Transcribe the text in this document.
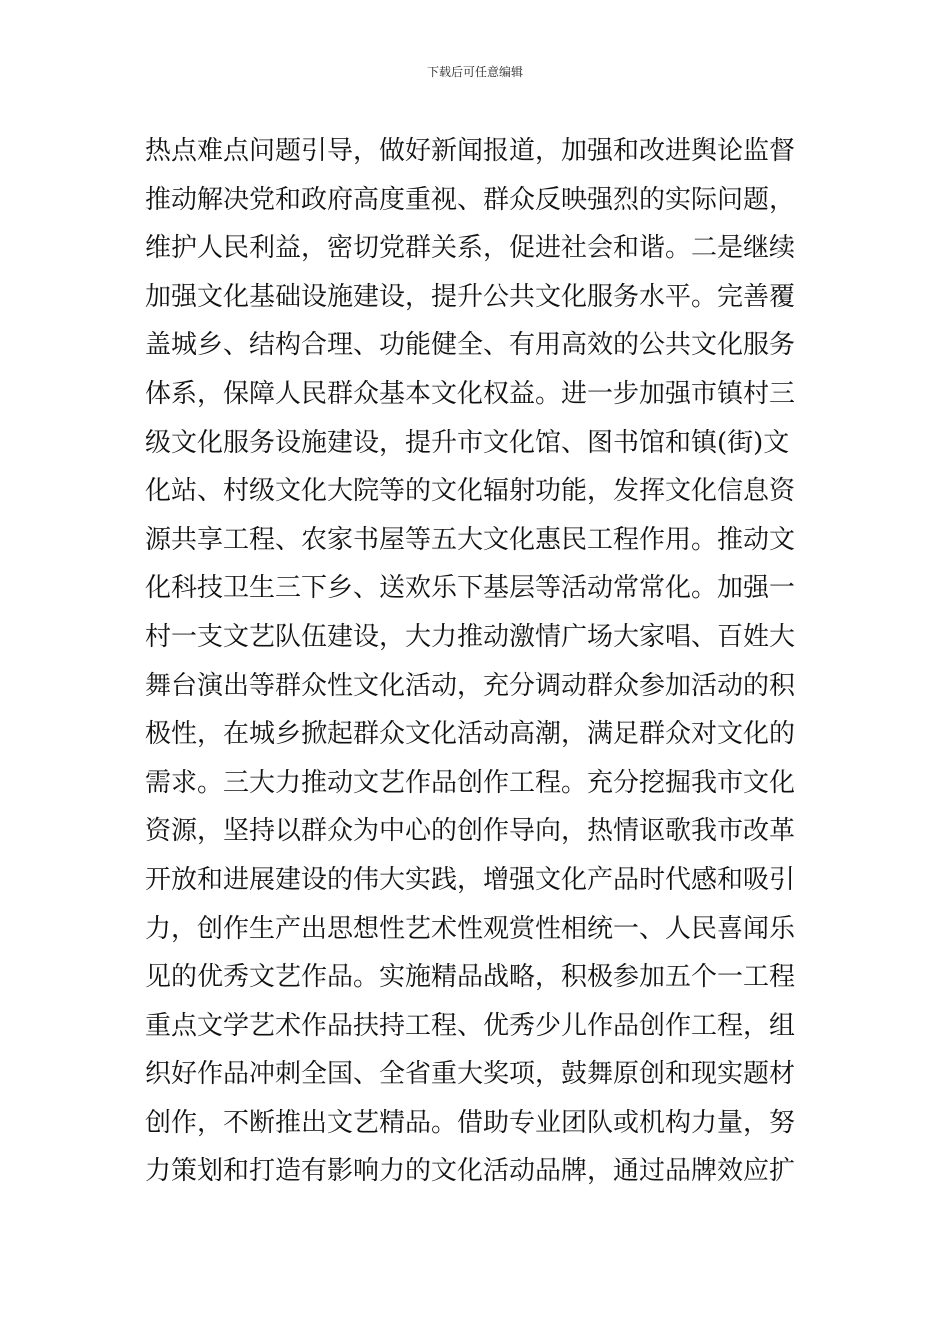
下载后可任意编辑
热点难点问题引导，做好新闻报道，加强和改进舆论监督
推动解决党和政府高度重视、群众反映强烈的实际问题，
维护人民利益，密切党群关系，促进社会和谐。二是继续
加强文化基础设施建设，提升公共文化服务水平。完善覆
盖城乡、结构合理、功能健全、有用高效的公共文化服务
体系，保障人民群众基本文化权益。进一步加强市镇村三
级文化服务设施建设，提升市文化馆、图书馆和镇(街)文
化站、村级文化大院等的文化辐射功能，发挥文化信息资
源共享工程、农家书屋等五大文化惠民工程作用。推动文
化科技卫生三下乡、送欢乐下基层等活动常常化。加强一
村一支文艺队伍建设，大力推动激情广场大家唱、百姓大
舞台演出等群众性文化活动，充分调动群众参加活动的积
极性，在城乡掀起群众文化活动高潮，满足群众对文化的
需求。三大力推动文艺作品创作工程。充分挖掘我市文化
资源，坚持以群众为中心的创作导向，热情讴歌我市改革
开放和进展建设的伟大实践，增强文化产品时代感和吸引
力，创作生产出思想性艺术性观赏性相统一、人民喜闻乐
见的优秀文艺作品。实施精品战略，积极参加五个一工程
重点文学艺术作品扶持工程、优秀少儿作品创作工程，组
织好作品冲刺全国、全省重大奖项，鼓舞原创和现实题材
创作，不断推出文艺精品。借助专业团队或机构力量，努
力策划和打造有影响力的文化活动品牌，通过品牌效应扩
